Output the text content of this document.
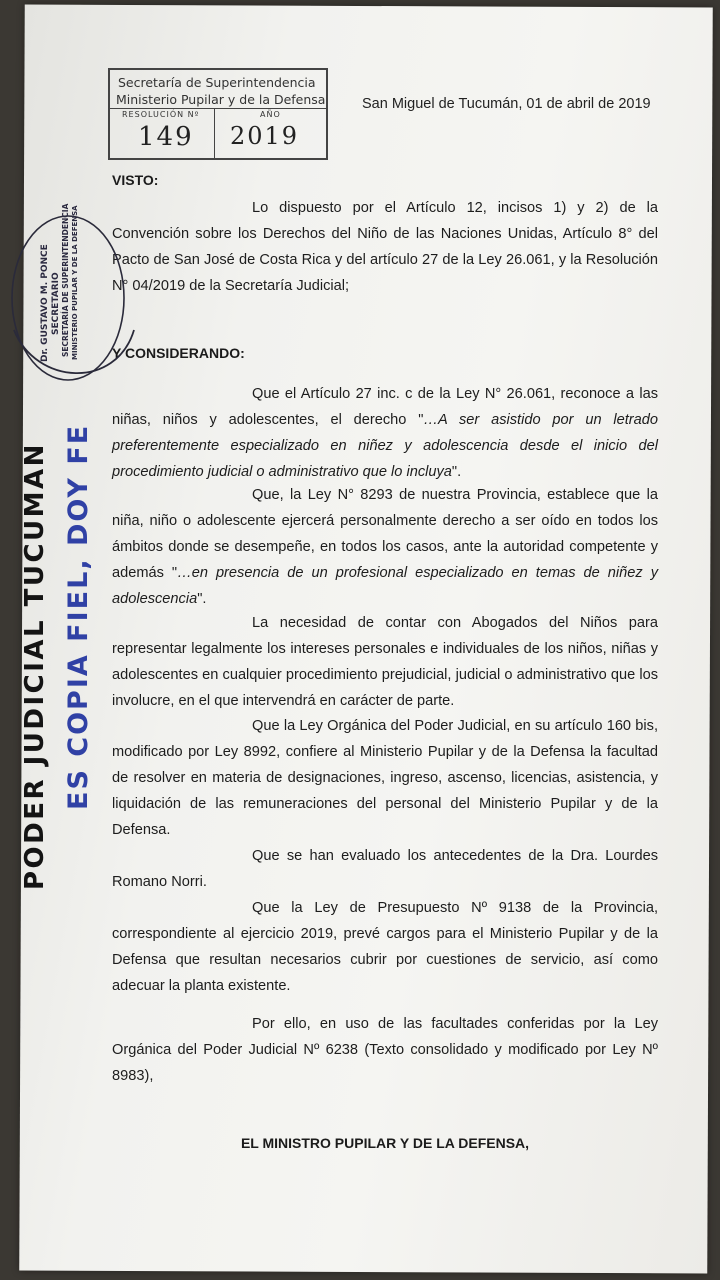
Secretaría de Superintendencia
Ministerio Pupilar y de la Defensa
RESOLUCIÓN Nº	AÑO
149 2019
San Miguel de Tucumán, 01 de abril de 2019
VISTO:

Lo dispuesto por el Artículo 12, incisos 1) y 2) de la Convención sobre los Derechos del Niño de las Naciones Unidas, Artículo 8° del Pacto de San José de Costa Rica y del artículo 27 de la Ley 26.061, y la Resolución N° 04/2019 de la Secretaría Judicial;

Y CONSIDERANDO:

Que el Artículo 27 inc. c de la Ley N° 26.061, reconoce a las niñas, niños y adolescentes, el derecho "…A ser asistido por un letrado preferentemente especializado en niñez y adolescencia desde el inicio del procedimiento judicial o administrativo que lo incluya".

Que, la Ley N° 8293 de nuestra Provincia, establece que la niña, niño o adolescente ejercerá personalmente derecho a ser oído en todos los ámbitos donde se desempeñe, en todos los casos, ante la autoridad competente y además "…en presencia de un profesional especializado en temas de niñez y adolescencia".

La necesidad de contar con Abogados del Niños para representar legalmente los intereses personales e individuales de los niños, niñas y adolescentes en cualquier procedimiento prejudicial, judicial o administrativo que los involucre, en el que intervendrá en carácter de parte.

Que la Ley Orgánica del Poder Judicial, en su artículo 160 bis, modificado por Ley 8992, confiere al Ministerio Pupilar y de la Defensa la facultad de resolver en materia de designaciones, ingreso, ascenso, licencias, asistencia, y liquidación de las remuneraciones del personal del Ministerio Pupilar y de la Defensa.

Que se han evaluado los antecedentes de la Dra. Lourdes Romano Norri.

Que la Ley de Presupuesto Nº 9138 de la Provincia, correspondiente al ejercicio 2019, prevé cargos para el Ministerio Pupilar y de la Defensa que resultan necesarios cubrir por cuestiones de servicio, así como adecuar la planta existente.

Por ello, en uso de las facultades conferidas por la Ley Orgánica del Poder Judicial Nº 6238 (Texto consolidado y modificado por Ley Nº 8983),

EL MINISTRO PUPILAR Y DE LA DEFENSA,
PODER JUDICIAL TUCUMAN ES COPIA FIEL, DOY FE
Dr. GUSTAVO M. PONCE SECRETARIO SECRETARÍA DE SUPERINTENDENCIA MINISTERIO PUPILAR Y DE LA DEFENSA
